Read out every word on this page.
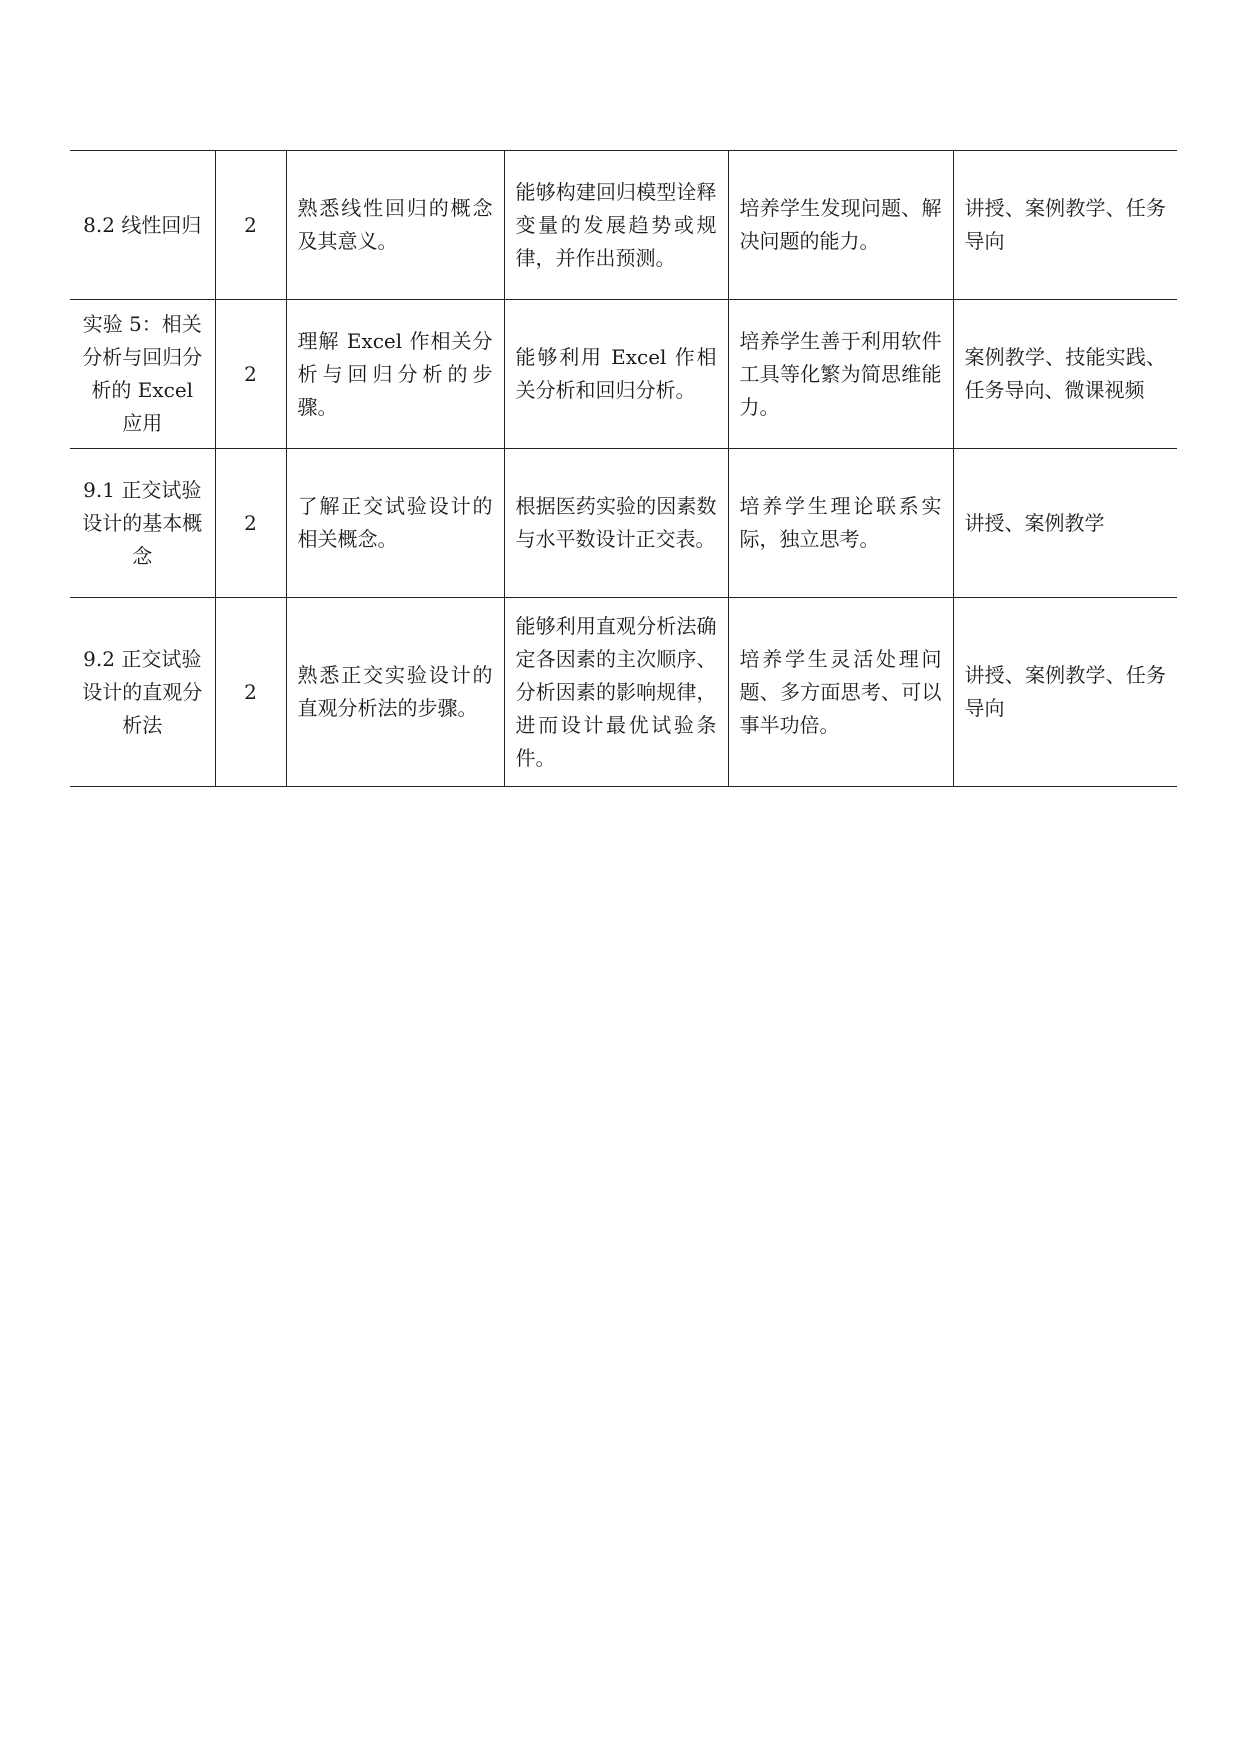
8.2 线性回归	2	熟悉线性回归的概念及其意义。	能够构建回归模型诠释变量的发展趋势或规律，并作出预测。	培养学生发现问题、解决问题的能力。	讲授、案例教学、任务导向
实验 5：相关分析与回归分析的 Excel 应用	2	理解 Excel 作相关分析与回归分析的步骤。	能够利用 Excel 作相关分析和回归分析。	培养学生善于利用软件工具等化繁为简思维能力。	案例教学、技能实践、任务导向、微课视频
9.1 正交试验设计的基本概念	2	了解正交试验设计的相关概念。	根据医药实验的因素数与水平数设计正交表。	培养学生理论联系实际，独立思考。	讲授、案例教学
9.2 正交试验设计的直观分析法	2	熟悉正交实验设计的直观分析法的步骤。	能够利用直观分析法确定各因素的主次顺序、分析因素的影响规律，进而设计最优试验条件。	培养学生灵活处理问题、多方面思考、可以事半功倍。	讲授、案例教学、任务导向
